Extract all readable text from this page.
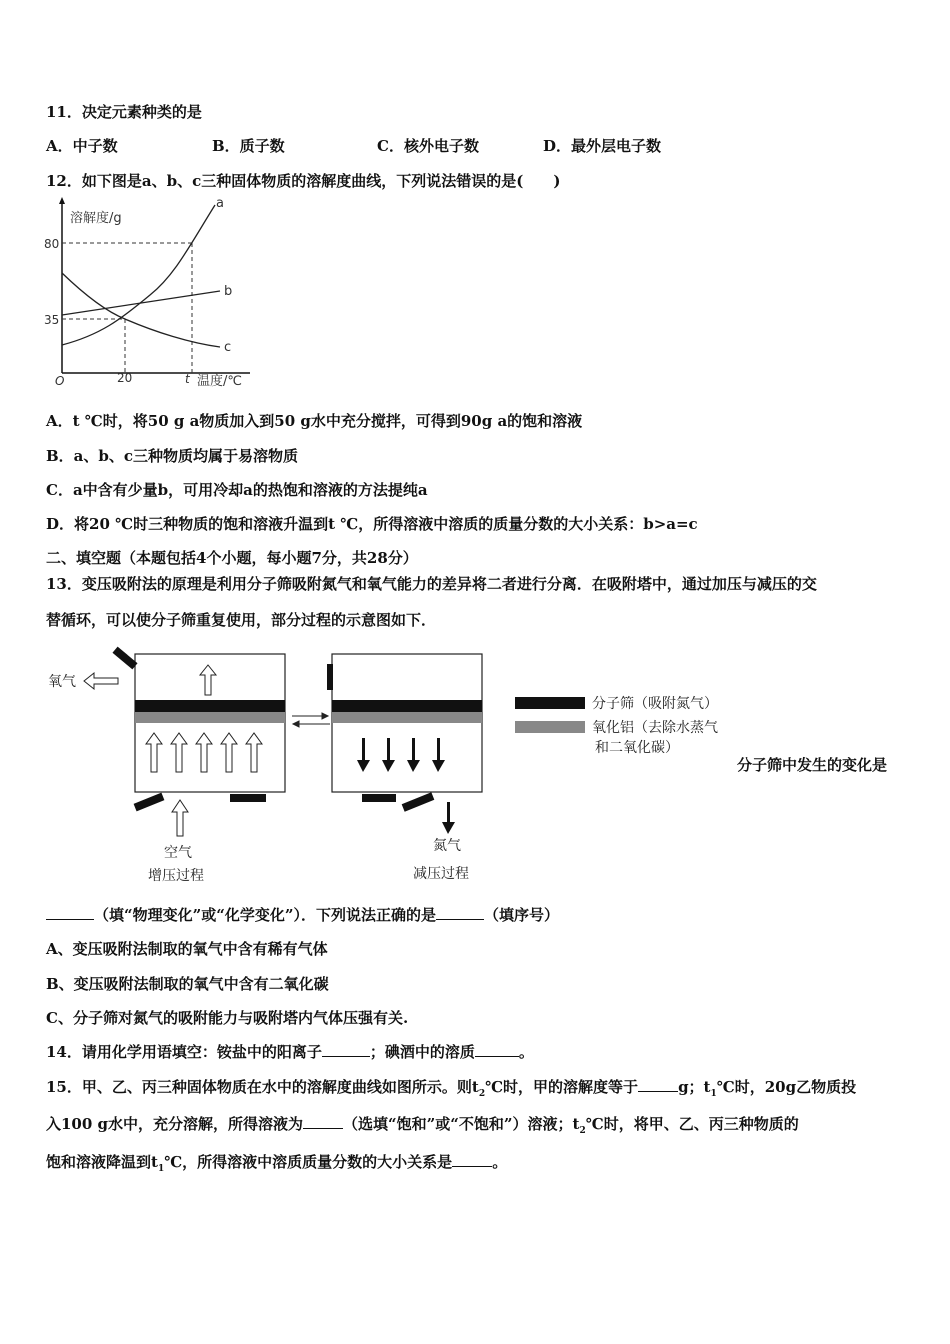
11．决定元素种类的是
A．中子数	B．质子数	C．核外电子数	D．最外层电子数
12．如下图是a、b、c三种固体物质的溶解度曲线，下列说法错误的是(　　)
溶解度/g
温度/℃
O	20	t
80
35
a
b
c
A．t ℃时，将50 g a物质加入到50 g水中充分搅拌，可得到90g a的饱和溶液
B．a、b、c三种物质均属于易溶物质
C．a中含有少量b，可用冷却a的热饱和溶液的方法提纯a
D．将20 ℃时三种物质的饱和溶液升温到t ℃，所得溶液中溶质的质量分数的大小关系：b>a=c
二、填空题（本题包括4个小题，每小题7分，共28分）
13．变压吸附法的原理是利用分子筛吸附氮气和氧气能力的差异将二者进行分离．在吸附塔中，通过加压与减压的交
替循环，可以使分子筛重复使用，部分过程的示意图如下．
氧气
空气
增压过程
氮气
减压过程
分子筛（吸附氮气）
氧化铝（去除水蒸气
和二氧化碳）
分子筛中发生的变化是
（填“物理变化”或“化学变化”）．下列说法正确的是	（填序号）
A、变压吸附法制取的氧气中含有稀有气体
B、变压吸附法制取的氧气中含有二氧化碳
C、分子筛对氮气的吸附能力与吸附塔内气体压强有关.
14．请用化学用语填空：铵盐中的阳离子	；碘酒中的溶质	。
15．甲、乙、丙三种固体物质在水中的溶解度曲线如图所示。则$t_2℃$时，甲的溶解度等于	g；$t_1℃$时，20g乙物质投
入100 g水中，充分溶解，所得溶液为	（选填“饱和”或“不饱和”）溶液；$t_2℃$时，将甲、乙、丙三种物质的
饱和溶液降温到$t_1℃$，所得溶液中溶质质量分数的大小关系是	。
